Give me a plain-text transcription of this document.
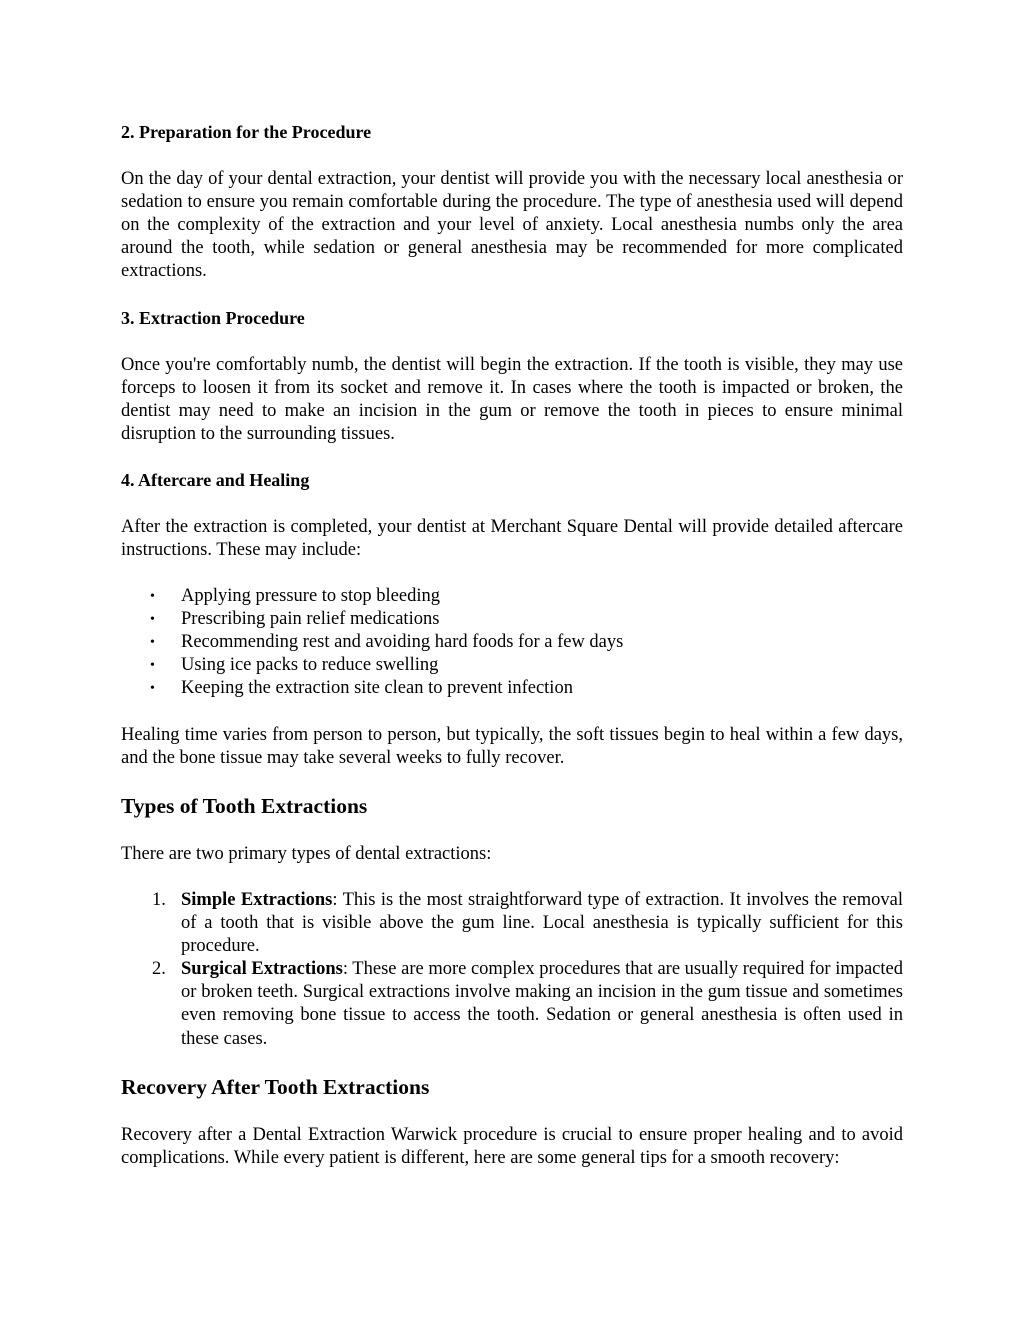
2. Preparation for the Procedure

On the day of your dental extraction, your dentist will provide you with the necessary local anesthesia or sedation to ensure you remain comfortable during the procedure. The type of anesthesia used will depend on the complexity of the extraction and your level of anxiety. Local anesthesia numbs only the area around the tooth, while sedation or general anesthesia may be recommended for more complicated extractions.

3. Extraction Procedure

Once you're comfortably numb, the dentist will begin the extraction. If the tooth is visible, they may use forceps to loosen it from its socket and remove it. In cases where the tooth is impacted or broken, the dentist may need to make an incision in the gum or remove the tooth in pieces to ensure minimal disruption to the surrounding tissues.

4. Aftercare and Healing

After the extraction is completed, your dentist at Merchant Square Dental will provide detailed aftercare instructions. These may include:

• Applying pressure to stop bleeding
• Prescribing pain relief medications
• Recommending rest and avoiding hard foods for a few days
• Using ice packs to reduce swelling
• Keeping the extraction site clean to prevent infection

Healing time varies from person to person, but typically, the soft tissues begin to heal within a few days, and the bone tissue may take several weeks to fully recover.

Types of Tooth Extractions

There are two primary types of dental extractions:

1. Simple Extractions: This is the most straightforward type of extraction. It involves the removal of a tooth that is visible above the gum line. Local anesthesia is typically sufficient for this procedure.
2. Surgical Extractions: These are more complex procedures that are usually required for impacted or broken teeth. Surgical extractions involve making an incision in the gum tissue and sometimes even removing bone tissue to access the tooth. Sedation or general anesthesia is often used in these cases.
Recovery After Tooth Extractions

Recovery after a Dental Extraction Warwick procedure is crucial to ensure proper healing and to avoid complications. While every patient is different, here are some general tips for a smooth recovery:
